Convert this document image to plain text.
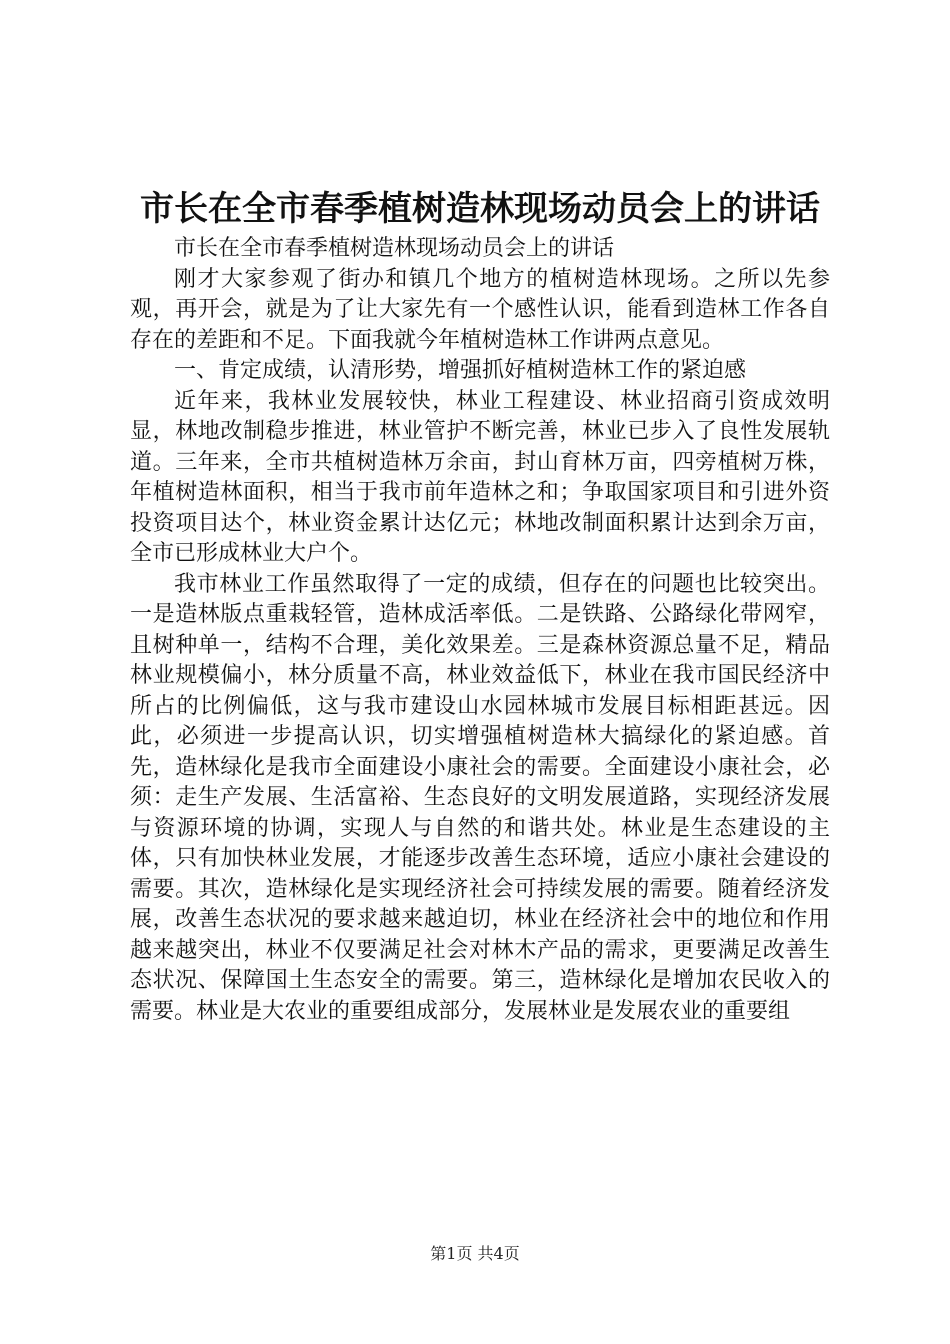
市长在全市春季植树造林现场动员会上的讲话

市长在全市春季植树造林现场动员会上的讲话

刚才大家参观了街办和镇几个地方的植树造林现场。之所以先参观，再开会，就是为了让大家先有一个感性认识，能看到造林工作各自存在的差距和不足。下面我就今年植树造林工作讲两点意见。

一、肯定成绩，认清形势，增强抓好植树造林工作的紧迫感

近年来，我林业发展较快，林业工程建设、林业招商引资成效明显，林地改制稳步推进，林业管护不断完善，林业已步入了良性发展轨道。三年来，全市共植树造林万余亩，封山育林万亩，四旁植树万株，年植树造林面积，相当于我市前年造林之和；争取国家项目和引进外资投资项目达个，林业资金累计达亿元；林地改制面积累计达到余万亩，全市已形成林业大户个。

我市林业工作虽然取得了一定的成绩，但存在的问题也比较突出。一是造林版点重栽轻管，造林成活率低。二是铁路、公路绿化带网窄，且树种单一，结构不合理，美化效果差。三是森林资源总量不足，精品林业规模偏小，林分质量不高，林业效益低下，林业在我市国民经济中所占的比例偏低，这与我市建设山水园林城市发展目标相距甚远。因此，必须进一步提高认识，切实增强植树造林大搞绿化的紧迫感。首先，造林绿化是我市全面建设小康社会的需要。全面建设小康社会，必须：走生产发展、生活富裕、生态良好的文明发展道路，实现经济发展与资源环境的协调，实现人与自然的和谐共处。林业是生态建设的主体，只有加快林业发展，才能逐步改善生态环境，适应小康社会建设的需要。其次，造林绿化是实现经济社会可持续发展的需要。随着经济发展，改善生态状况的要求越来越迫切，林业在经济社会中的地位和作用越来越突出，林业不仅要满足社会对林木产品的需求，更要满足改善生态状况、保障国土生态安全的需要。第三，造林绿化是增加农民收入的需要。林业是大农业的重要组成部分，发展林业是发展农业的重要组

第1页 共4页
